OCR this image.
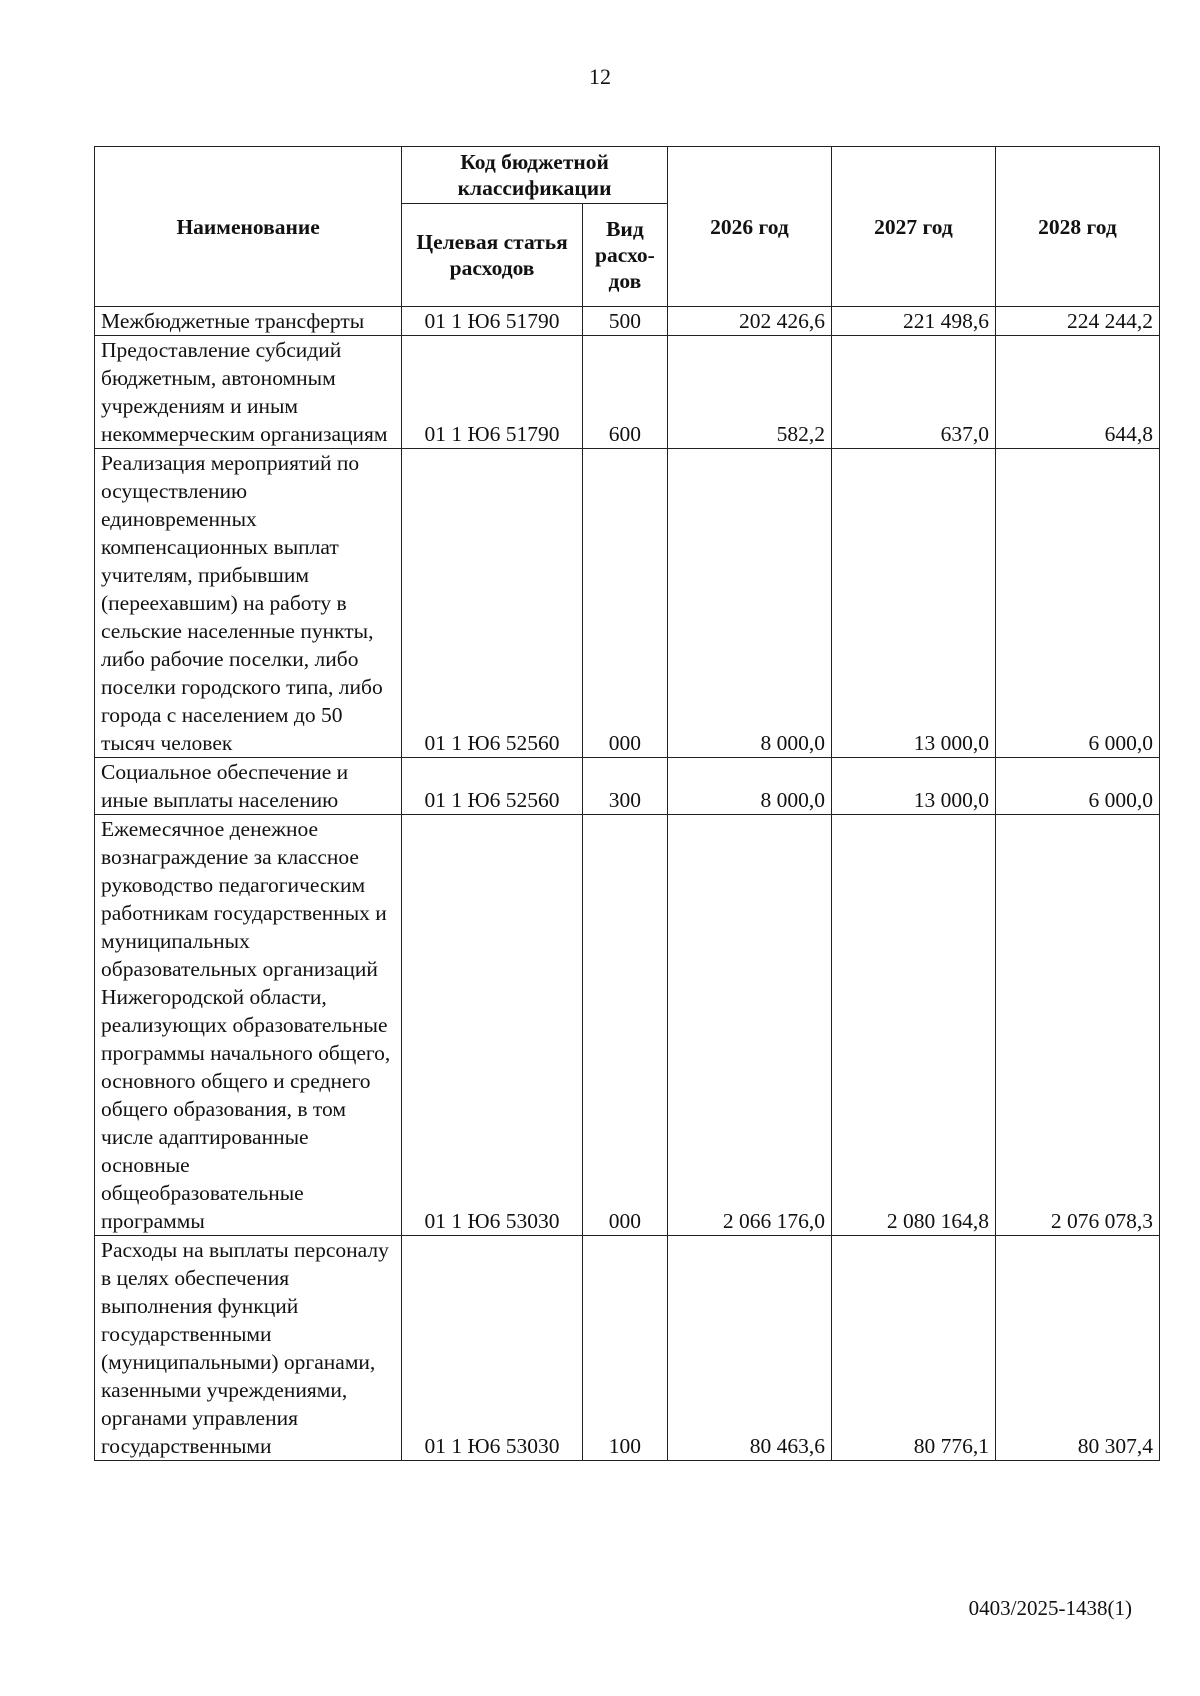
12
Наименование	Код бюджетной классификации		2026 год	2027 год	2028 год
	Целевая статья расходов	Вид расхо-дов			
Межбюджетные трансферты	01 1 Ю6 51790	500	202 426,6	221 498,6	224 244,2
Предоставление субсидий бюджетным, автономным учреждениям и иным некоммерческим организациям	01 1 Ю6 51790	600	582,2	637,0	644,8
Реализация мероприятий по осуществлению единовременных компенсационных выплат учителям, прибывшим (переехавшим) на работу в сельские населенные пункты, либо рабочие поселки, либо поселки городского типа, либо города с населением до 50 тысяч человек	01 1 Ю6 52560	000	8 000,0	13 000,0	6 000,0
Социальное обеспечение и иные выплаты населению	01 1 Ю6 52560	300	8 000,0	13 000,0	6 000,0
Ежемесячное денежное вознаграждение за классное руководство педагогическим работникам государственных и муниципальных образовательных организаций Нижегородской области, реализующих образовательные программы начального общего, основного общего и среднего общего образования, в том числе адаптированные основные общеобразовательные программы	01 1 Ю6 53030	000	2 066 176,0	2 080 164,8	2 076 078,3
Расходы на выплаты персоналу в целях обеспечения выполнения функций государственными (муниципальными) органами, казенными учреждениями, органами управления государственными	01 1 Ю6 53030	100	80 463,6	80 776,1	80 307,4
0403/2025-1438(1)
